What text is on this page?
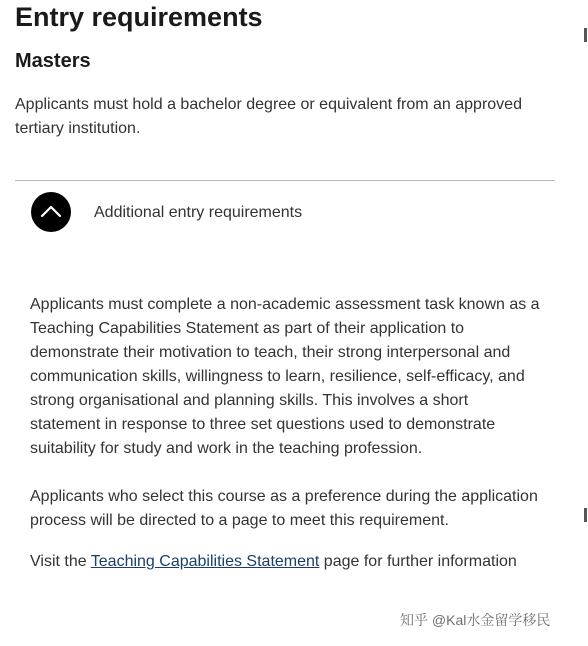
Entry requirements
Masters

Applicants must hold a bachelor degree or equivalent from an approved tertiary institution.

Additional entry requirements

Applicants must complete a non-academic assessment task known as a Teaching Capabilities Statement as part of their application to demonstrate their motivation to teach, their strong interpersonal and communication skills, willingness to learn, resilience, self-efficacy, and strong organisational and planning skills. This involves a short statement in response to three set questions used to demonstrate suitability for study and work in the teaching profession.

Applicants who select this course as a preference during the application process will be directed to a page to meet this requirement.

Visit the Teaching Capabilities Statement page for further information

知乎 @Kal水金留学移民
